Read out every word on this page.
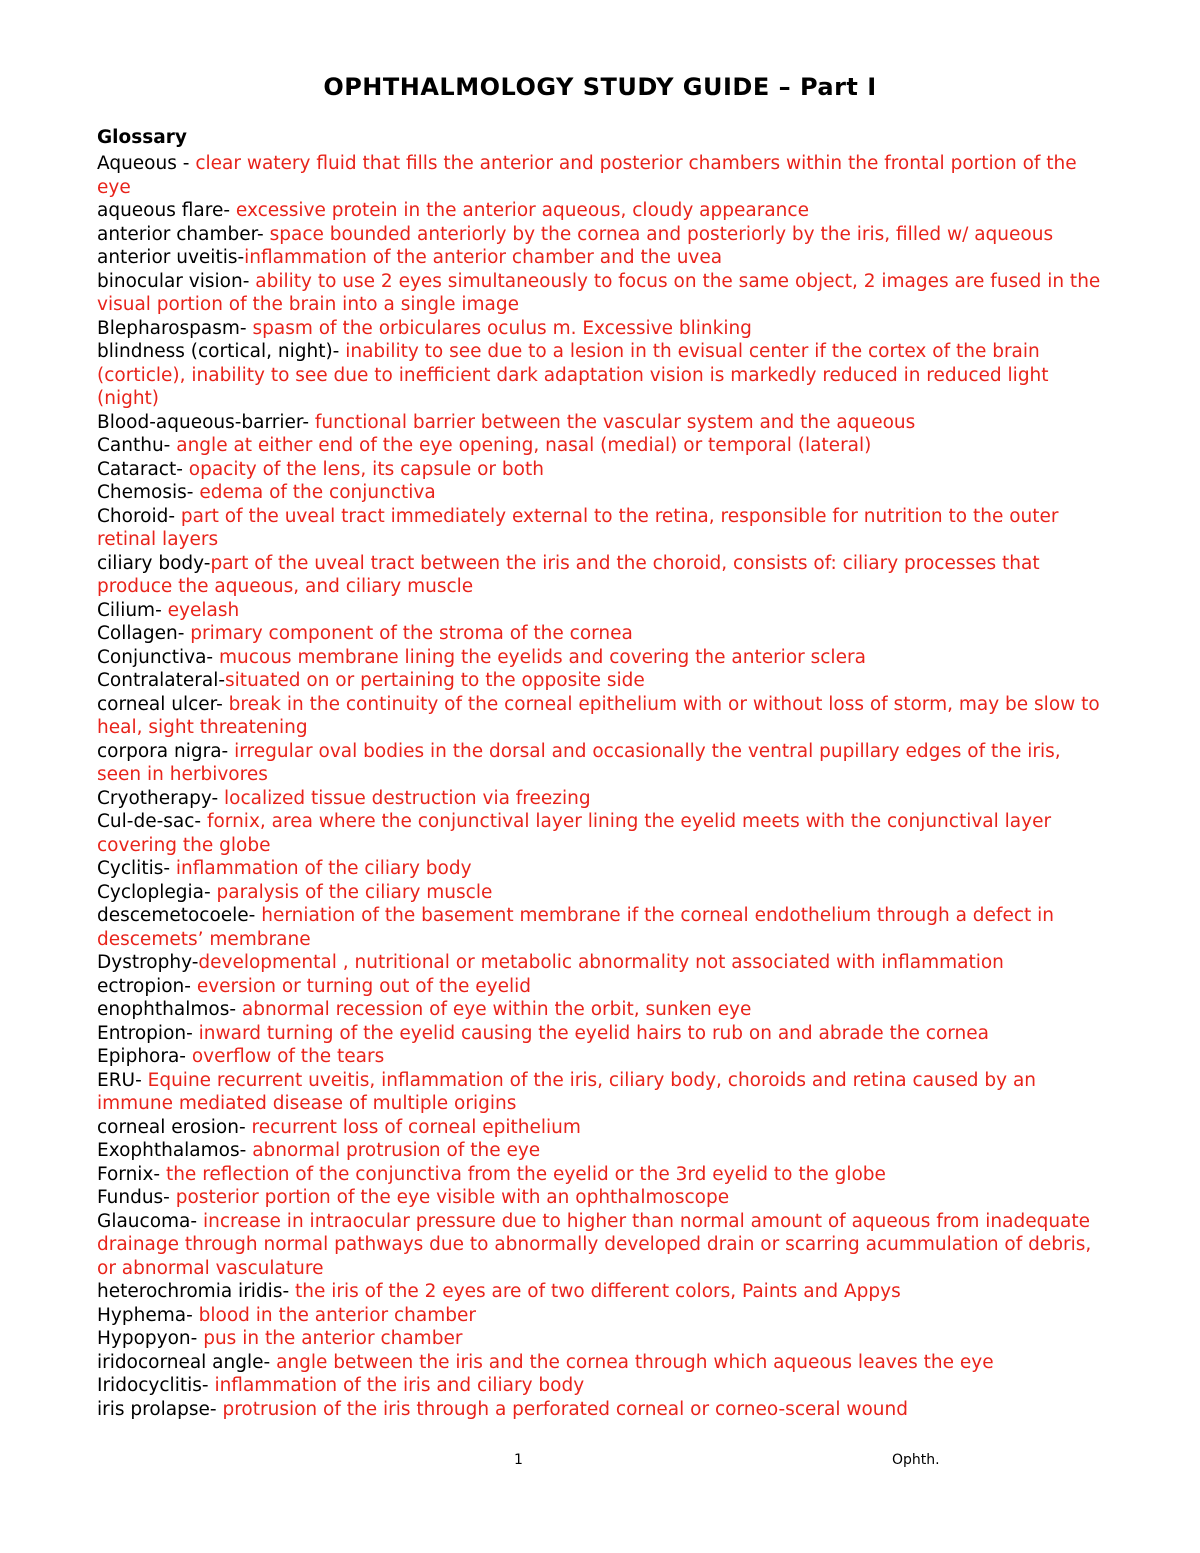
OPHTHALMOLOGY STUDY GUIDE – Part I
Glossary
Aqueous - clear watery fluid that fills the anterior and posterior chambers within the frontal portion of the eye
aqueous flare- excessive protein in the anterior aqueous, cloudy appearance
anterior chamber- space bounded anteriorly by the cornea and posteriorly by the iris, filled w/ aqueous
anterior uveitis-inflammation of the anterior chamber and the uvea
binocular vision- ability to use 2 eyes simultaneously to focus on the same object, 2 images are fused in the visual portion of the brain into a single image
Blepharospasm- spasm of the orbiculares oculus m. Excessive blinking
blindness (cortical, night)- inability to see due to a lesion in th evisual center if the cortex of the brain (corticle), inability to see due to inefficient dark adaptation vision is markedly reduced in reduced light (night)
Blood-aqueous-barrier- functional barrier between the vascular system and the aqueous
Canthu- angle at either end of the eye opening, nasal (medial) or temporal (lateral)
Cataract- opacity of the lens, its capsule or both
Chemosis- edema of the conjunctiva
Choroid- part of the uveal tract immediately external to the retina, responsible for nutrition to the outer retinal layers
ciliary body-part of the uveal tract between the iris and the choroid, consists of: ciliary processes that produce the aqueous, and ciliary muscle
Cilium- eyelash
Collagen- primary component of the stroma of the cornea
Conjunctiva- mucous membrane lining the eyelids and covering the anterior sclera
Contralateral-situated on or pertaining to the opposite side
corneal ulcer- break in the continuity of the corneal epithelium with or without loss of storm, may be slow to heal, sight threatening
corpora nigra- irregular oval bodies in the dorsal and occasionally the ventral pupillary edges of the iris, seen in herbivores
Cryotherapy- localized tissue destruction via freezing
Cul-de-sac- fornix, area where the conjunctival layer lining the eyelid meets with the conjunctival layer covering the globe
Cyclitis- inflammation of the ciliary body
Cycloplegia- paralysis of the ciliary muscle
descemetocoele- herniation of the basement membrane if the corneal endothelium through a defect in descemets’ membrane
Dystrophy-developmental , nutritional or metabolic abnormality not associated with inflammation
ectropion- eversion or turning out of the eyelid
enophthalmos- abnormal recession of eye within the orbit, sunken eye
Entropion- inward turning of the eyelid causing the eyelid hairs to rub on and abrade the cornea
Epiphora- overflow of the tears
ERU- Equine recurrent uveitis, inflammation of the iris, ciliary body, choroids and retina caused by an immune mediated disease of multiple origins
corneal erosion- recurrent loss of corneal epithelium
Exophthalamos- abnormal protrusion of the eye
Fornix- the reflection of the conjunctiva from the eyelid or the 3rd eyelid to the globe
Fundus- posterior portion of the eye visible with an ophthalmoscope
Glaucoma- increase in intraocular pressure due to higher than normal amount of aqueous from inadequate drainage through normal pathways due to abnormally developed drain or scarring acummulation of debris, or abnormal vasculature
heterochromia iridis- the iris of the 2 eyes are of two different colors, Paints and Appys
Hyphema- blood in the anterior chamber
Hypopyon- pus in the anterior chamber
iridocorneal angle- angle between the iris and the cornea through which aqueous leaves the eye
Iridocyclitis- inflammation of the iris and ciliary body
iris prolapse- protrusion of the iris through a perforated corneal or corneo-sceral wound
1	Ophth.
